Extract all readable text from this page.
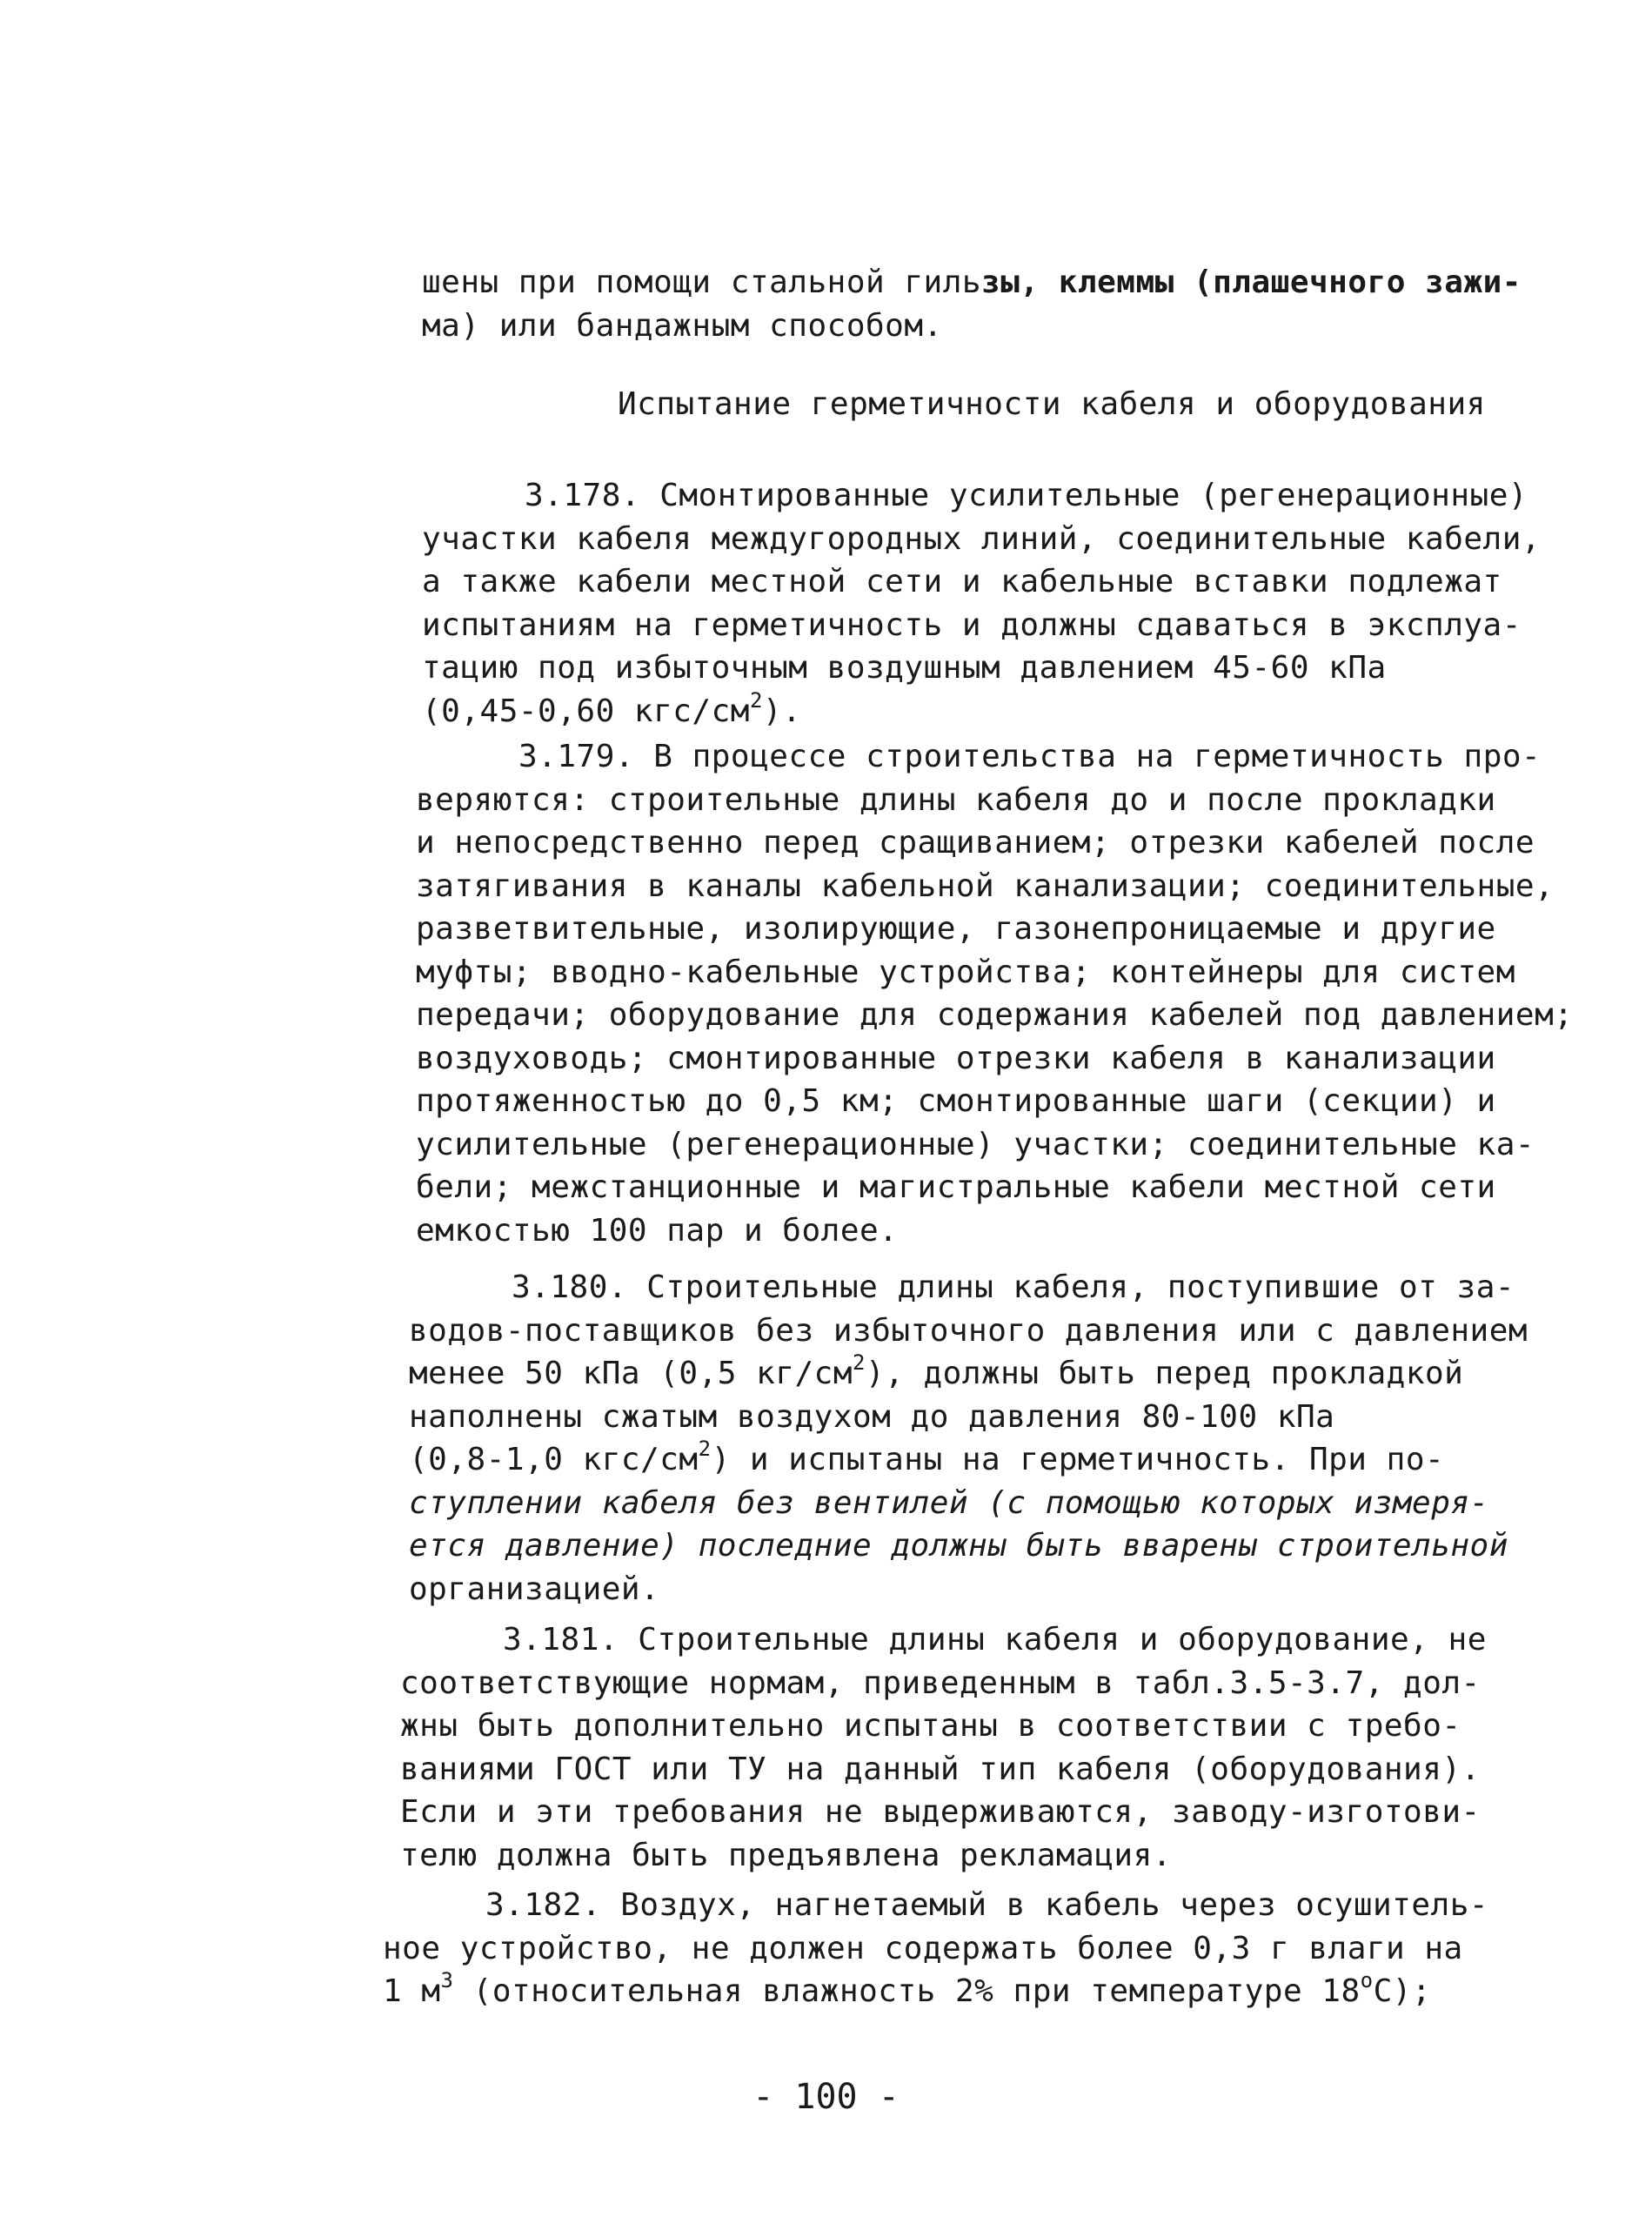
шены при помощи стальной гильзы, клеммы (плашечного зажи-
ма) или бандажным способом.
Испытание герметичности кабеля и оборудования
3.178. Смонтированные усилительные (регенерационные)
участки кабеля междугородных линий, соединительные кабели,
а также кабели местной сети и кабельные вставки подлежат
испытаниям на герметичность и должны сдаваться в эксплуа-
тацию под избыточным воздушным давлением 45-60 кПа
(0,45-0,60 кгс/$см^2$).
3.179. В процессе строительства на герметичность про-
веряются: строительные длины кабеля до и после прокладки
и непосредственно перед сращиванием; отрезки кабелей после
затягивания в каналы кабельной канализации; соединительные,
разветвительные, изолирующие, газонепроницаемые и другие
муфты; вводно-кабельные устройства; контейнеры для систем
передачи; оборудование для содержания кабелей под давлением;
воздуховодь; смонтированные отрезки кабеля в канализации
протяженностью до 0,5 км; смонтированные шаги (секции) и
усилительные (регенерационные) участки; соединительные ка-
бели; межстанционные и магистральные кабели местной сети
емкостью 100 пар и более.
3.180. Строительные длины кабеля, поступившие от за-
водов-поставщиков без избыточного давления или с давлением
менее 50 кПа (0,5 $кг/см^2$), должны быть перед прокладкой
наполнены сжатым воздухом до давления 80-100 кПа
(0,8-1,0 кгс/$см^2$) и испытаны на герметичность. При по-
ступлении кабеля без вентилей (с помощью которых измеря-
ется давление) последние должны быть вварены строительной
организацией.
3.181. Строительные длины кабеля и оборудование, не
соответствующие нормам, приведенным в табл.3.5-3.7, дол-
жны быть дополнительно испытаны в соответствии с требо-
ваниями ГОСТ или ТУ на данный тип кабеля (оборудования).
Если и эти требования не выдерживаются, заводу-изготови-
телю должна быть предъявлена рекламация.
3.182. Воздух, нагнетаемый в кабель через осушитель-
ное устройство, не должен содержать более 0,3 г влаги на
1 $м^3$ (относительная влажность 2% при температуре 18$^o$С);
- 100 -
